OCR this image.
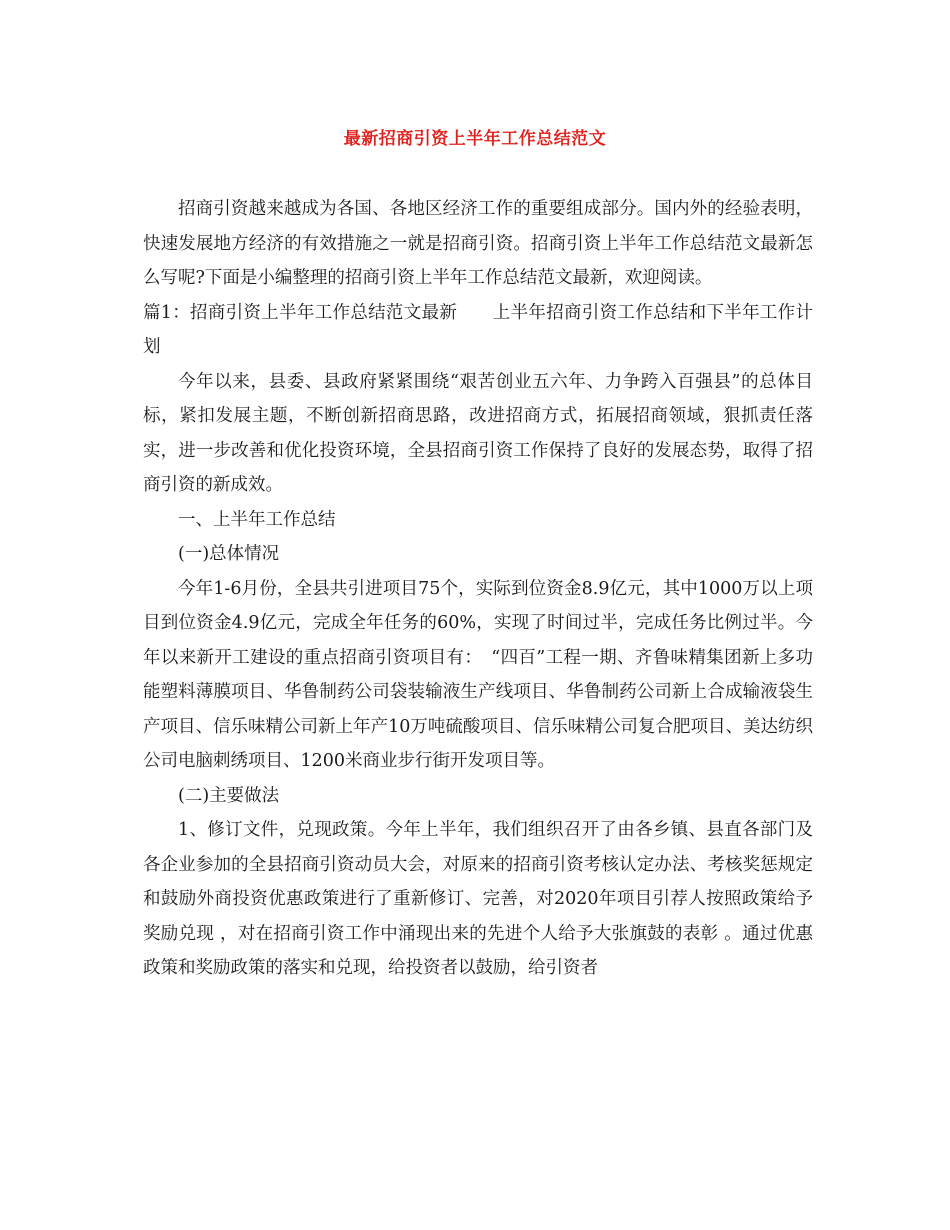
最新招商引资上半年工作总结范文

招商引资越来越成为各国、各地区经济工作的重要组成部分。国内外的经验表明，快速发展地方经济的有效措施之一就是招商引资。招商引资上半年工作总结范文最新怎么写呢?下面是小编整理的招商引资上半年工作总结范文最新，欢迎阅读。

篇1：招商引资上半年工作总结范文最新　　上半年招商引资工作总结和下半年工作计划

今年以来，县委、县政府紧紧围绕“艰苦创业五六年、力争跨入百强县”的总体目标，紧扣发展主题，不断创新招商思路，改进招商方式，拓展招商领域，狠抓责任落实，进一步改善和优化投资环境，全县招商引资工作保持了良好的发展态势，取得了招商引资的新成效。

一、上半年工作总结

(一)总体情况

今年1-6月份，全县共引进项目75个，实际到位资金8.9亿元，其中1000万以上项目到位资金4.9亿元，完成全年任务的60%，实现了时间过半，完成任务比例过半。今年以来新开工建设的重点招商引资项目有：　“四百”工程一期、齐鲁味精集团新上多功能塑料薄膜项目、华鲁制药公司袋装输液生产线项目、华鲁制药公司新上合成输液袋生产项目、信乐味精公司新上年产10万吨硫酸项目、信乐味精公司复合肥项目、美达纺织公司电脑刺绣项目、1200米商业步行街开发项目等。

(二)主要做法

1、修订文件，兑现政策。今年上半年，我们组织召开了由各乡镇、县直各部门及各企业参加的全县招商引资动员大会，对原来的招商引资考核认定办法、考核奖惩规定和鼓励外商投资优惠政策进行了重新修订、完善，对2020年项目引荐人按照政策给予奖励兑现 ，对在招商引资工作中涌现出来的先进个人给予大张旗鼓的表彰 。通过优惠政策和奖励政策的落实和兑现，给投资者以鼓励，给引资者
